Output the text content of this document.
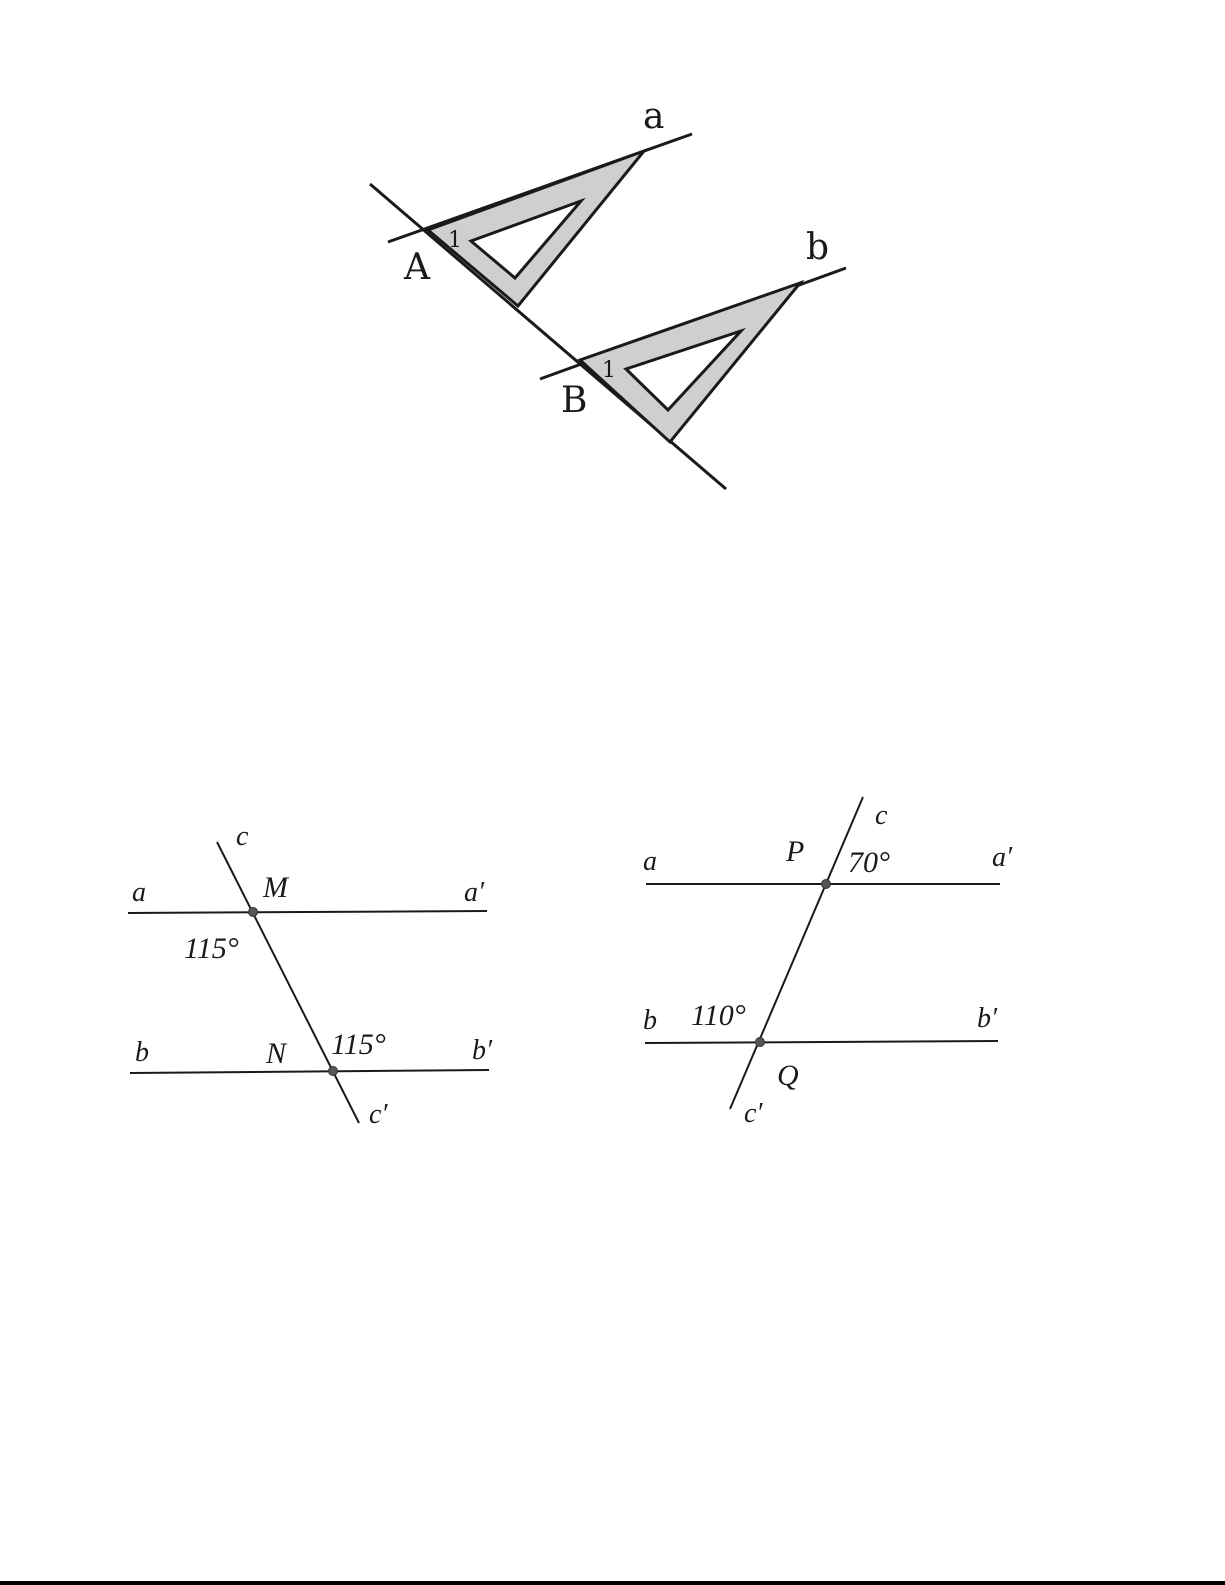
a
b
A
B
1
1
c
c′
a	a′
b	b′
M
N
115°
115°
c
c′
a	a′
b	b′
P
Q
70°
110°
